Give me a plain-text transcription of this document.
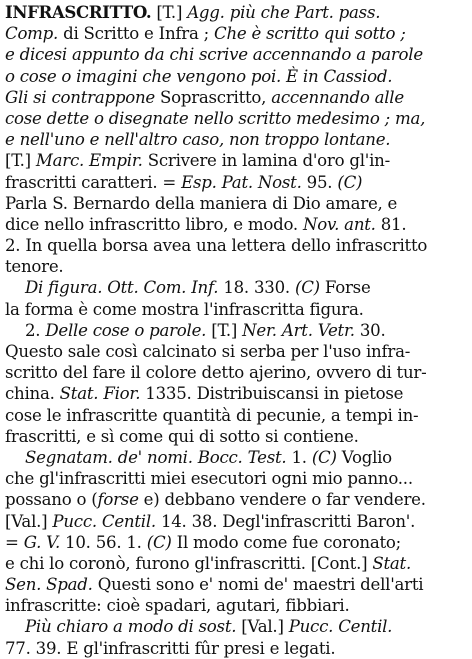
INFRASCRITTO. [T.] Agg. più che Part. pass.
Comp. di Scritto e Infra ; Che è scritto qui sotto ;
e dicesi appunto da chi scrive accennando a parole
o cose o imagini che vengono poi. È in Cassiod.
Gli si contrappone Soprascritto, accennando alle
cose dette o disegnate nello scritto medesimo ; ma,
e nell'uno e nell'altro caso, non troppo lontane.
[T.] Marc. Empir. Scrivere in lamina d'oro gl'in-
frascritti caratteri. = Esp. Pat. Nost. 95. (C)
Parla S. Bernardo della maniera di Dio amare, e
dice nello infrascritto libro, e modo. Nov. ant. 81.
2. In quella borsa avea una lettera dello infrascritto
tenore.
Di figura. Ott. Com. Inf. 18. 330. (C) Forse
la forma è come mostra l'infrascritta figura.
2. Delle cose o parole. [T.] Ner. Art. Vetr. 30.
Questo sale così calcinato si serba per l'uso infra-
scritto del fare il colore detto ajerino, ovvero di tur-
china. Stat. Fior. 1335. Distribuiscansi in pietose
cose le infrascritte quantità di pecunie, a tempi in-
frascritti, e sì come qui di sotto si contiene.
Segnatam. de' nomi. Bocc. Test. 1. (C) Voglio
che gl'infrascritti miei esecutori ogni mio panno...
possano o (forse e) debbano vendere o far vendere.
[Val.] Pucc. Centil. 14. 38. Degl'infrascritti Baron'.
= G. V. 10. 56. 1. (C) Il modo come fue coronato;
e chi lo coronò, furono gl'infrascritti. [Cont.] Stat.
Sen. Spad. Questi sono e' nomi de' maestri dell'arti
infrascritte: cioè spadari, agutari, fibbiari.
Più chiaro a modo di sost. [Val.] Pucc. Centil.
77. 39. E gl'infrascritti fûr presi e legati.
